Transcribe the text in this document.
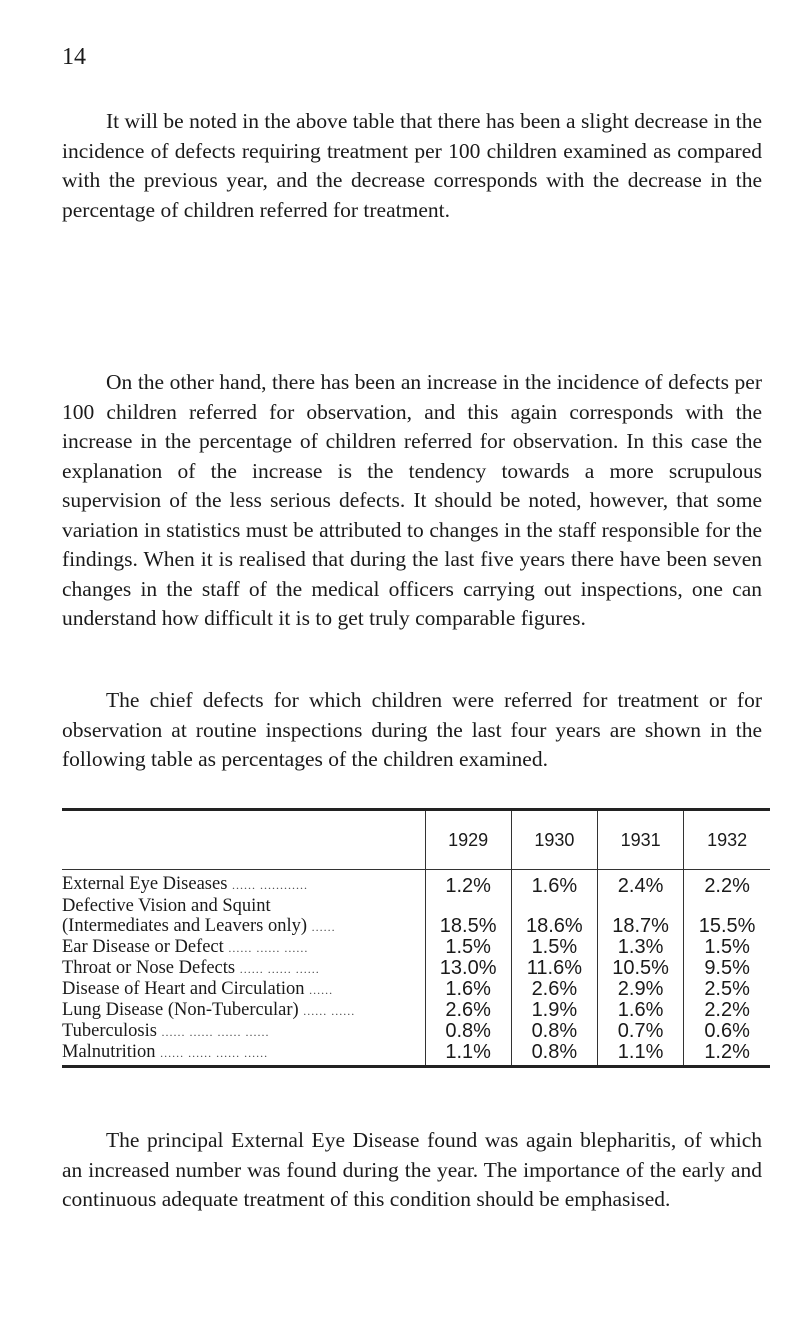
14

It will be noted in the above table that there has been a slight decrease in the incidence of defects requiring treatment per 100 children examined as compared with the previous year, and the decrease corresponds with the decrease in the percentage of children referred for treatment.

On the other hand, there has been an increase in the incidence of defects per 100 children referred for observation, and this again corresponds with the increase in the percentage of children referred for observation. In this case the explanation of the increase is the tendency towards a more scrupulous supervision of the less serious defects. It should be noted, however, that some variation in statistics must be attributed to changes in the staff responsible for the findings. When it is realised that during the last five years there have been seven changes in the staff of the medical officers carrying out inspections, one can understand how difficult it is to get truly comparable figures.

The chief defects for which children were referred for treatment or for observation at routine inspections during the last four years are shown in the following table as percentages of the children examined.

	1929	1930	1931	1932
External Eye Diseases ...... ............	1.2%	1.6%	2.4%	2.2%
Defective Vision and Squint				
(Intermediates and Leavers only) ......	18.5%	18.6%	18.7%	15.5%
Ear Disease or Defect ...... ...... ......	1.5%	1.5%	1.3%	1.5%
Throat or Nose Defects ...... ...... ......	13.0%	11.6%	10.5%	9.5%
Disease of Heart and Circulation ......	1.6%	2.6%	2.9%	2.5%
Lung Disease (Non-Tubercular) ...... ......	2.6%	1.9%	1.6%	2.2%
Tuberculosis ...... ...... ...... ......	0.8%	0.8%	0.7%	0.6%
Malnutrition ...... ...... ...... ......	1.1%	0.8%	1.1%	1.2%

The principal External Eye Disease found was again blepharitis, of which an increased number was found during the year. The importance of the early and continuous adequate treatment of this condition should be emphasised.
